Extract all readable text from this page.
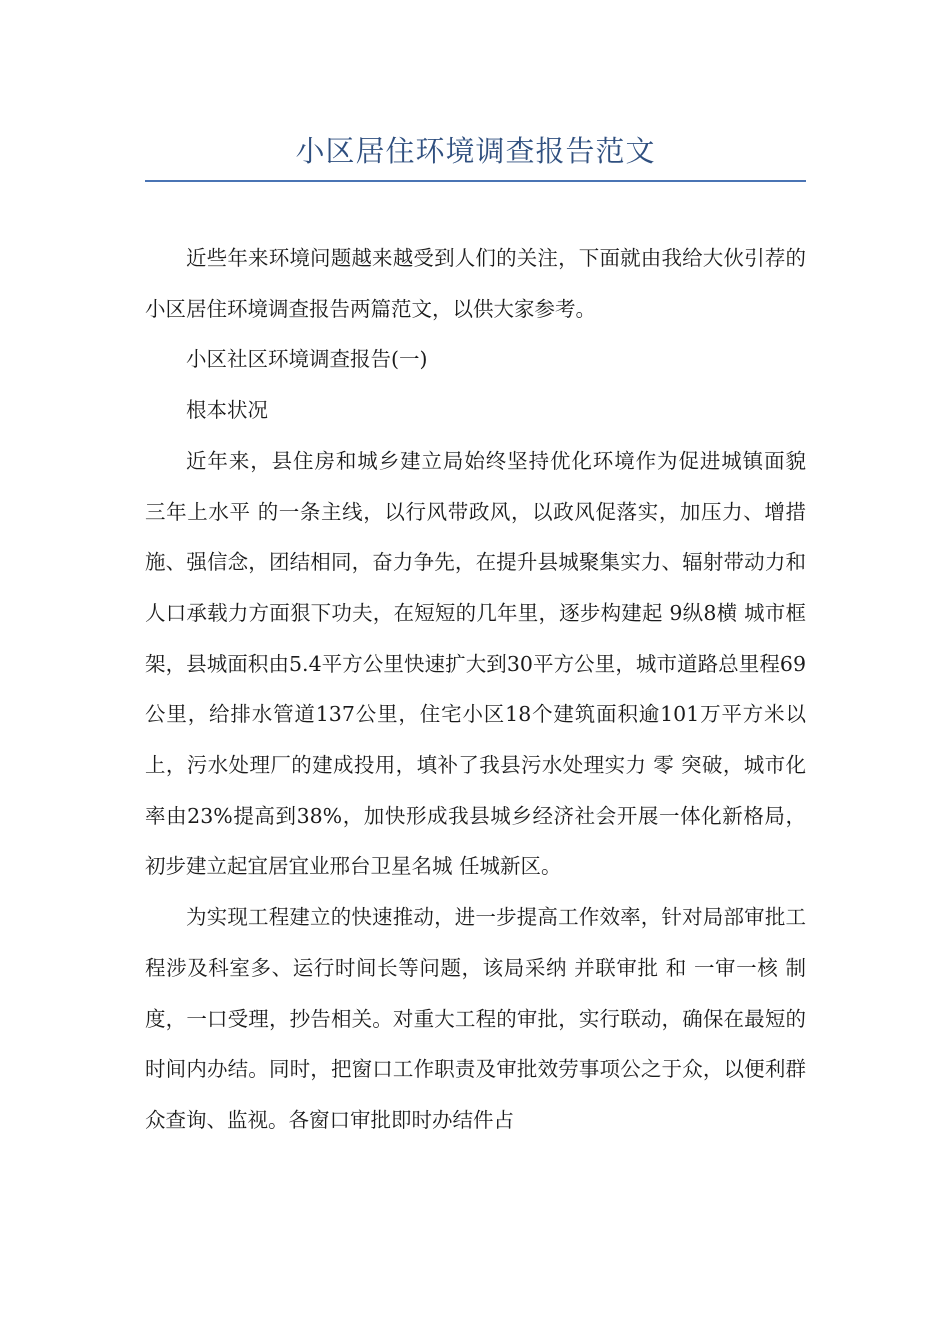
小区居住环境调查报告范文

近些年来环境问题越来越受到人们的关注，下面就由我给大伙引荐的小区居住环境调查报告两篇范文，以供大家参考。

小区社区环境调查报告(一)

根本状况

近年来，县住房和城乡建立局始终坚持优化环境作为促进城镇面貌 三年上水平 的一条主线，以行风带政风，以政风促落实，加压力、增措施、强信念，团结相同，奋力争先，在提升县城聚集实力、辐射带动力和人口承载力方面狠下功夫，在短短的几年里，逐步构建起 9纵8横 城市框架，县城面积由5.4平方公里快速扩大到30平方公里，城市道路总里程69公里，给排水管道137公里，住宅小区18个建筑面积逾101万平方米以上，污水处理厂的建成投用，填补了我县污水处理实力 零 突破，城市化率由23%提高到38%，加快形成我县城乡经济社会开展一体化新格局，初步建立起宜居宜业邢台卫星名城 任城新区。

为实现工程建立的快速推动，进一步提高工作效率，针对局部审批工程涉及科室多、运行时间长等问题，该局采纳 并联审批 和 一审一核 制度，一口受理，抄告相关。对重大工程的审批，实行联动，确保在最短的时间内办结。同时，把窗口工作职责及审批效劳事项公之于众，以便利群众查询、监视。各窗口审批即时办结件占
